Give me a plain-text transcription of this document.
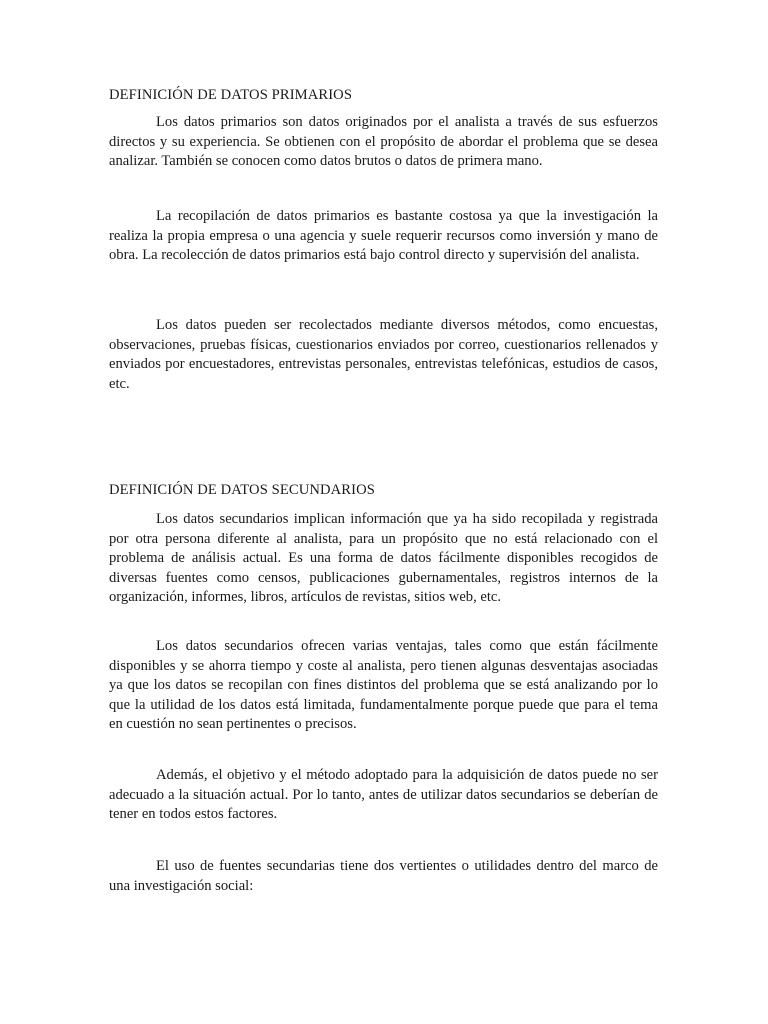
DEFINICIÓN DE DATOS PRIMARIOS

Los datos primarios son datos originados por el analista a través de sus esfuerzos directos y su experiencia. Se obtienen con el propósito de abordar el problema que se desea analizar. También se conocen como datos brutos o datos de primera mano.

La recopilación de datos primarios es bastante costosa ya que la investigación la realiza la propia empresa o una agencia y suele requerir recursos como inversión y mano de obra. La recolección de datos primarios está bajo control directo y supervisión del analista.

Los datos pueden ser recolectados mediante diversos métodos, como encuestas, observaciones, pruebas físicas, cuestionarios enviados por correo, cuestionarios rellenados y enviados por encuestadores, entrevistas personales, entrevistas telefónicas, estudios de casos, etc.

DEFINICIÓN DE DATOS SECUNDARIOS

Los datos secundarios implican información que ya ha sido recopilada y registrada por otra persona diferente al analista, para un propósito que no está relacionado con el problema de análisis actual. Es una forma de datos fácilmente disponibles recogidos de diversas fuentes como censos, publicaciones gubernamentales, registros internos de la organización, informes, libros, artículos de revistas, sitios web, etc.

Los datos secundarios ofrecen varias ventajas, tales como que están fácilmente disponibles y se ahorra tiempo y coste al analista, pero tienen algunas desventajas asociadas ya que los datos se recopilan con fines distintos del problema que se está analizando por lo que la utilidad de los datos está limitada, fundamentalmente porque puede que para el tema en cuestión no sean pertinentes o precisos.

Además, el objetivo y el método adoptado para la adquisición de datos puede no ser adecuado a la situación actual. Por lo tanto, antes de utilizar datos secundarios se deberían de tener en todos estos factores.

El uso de fuentes secundarias tiene dos vertientes o utilidades dentro del marco de una investigación social:
